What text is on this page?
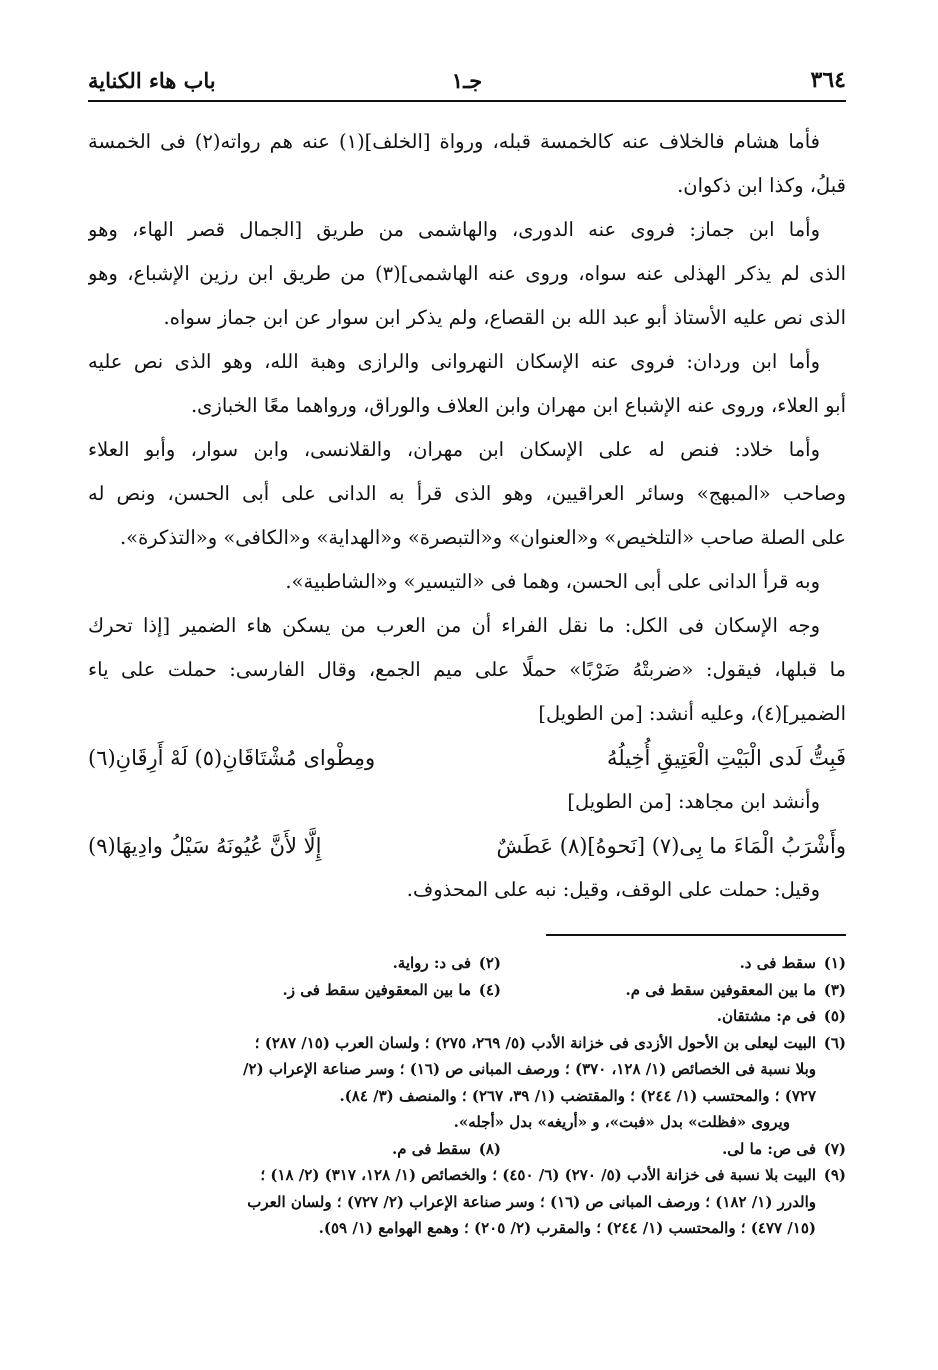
٣٦٤
جـ١
باب هاء الكناية
فأما هشام فالخلاف عنه كالخمسة قبله، ورواة [الخلف](١) عنه هم رواته(٢) فى الخمسة
قبلُ، وكذا ابن ذكوان.
وأما ابن جماز: فروى عنه الدورى، والهاشمى من طريق [الجمال قصر الهاء، وهو
الذى لم يذكر الهذلى عنه سواه، وروى عنه الهاشمى](٣) من طريق ابن رزين الإشباع، وهو
الذى نص عليه الأستاذ أبو عبد الله بن القصاع، ولم يذكر ابن سوار عن ابن جماز سواه.
وأما ابن وردان: فروى عنه الإسكان النهروانى والرازى وهبة الله، وهو الذى نص عليه
أبو العلاء، وروى عنه الإشباع ابن مهران وابن العلاف والوراق، ورواهما معًا الخبازى.
وأما خلاد: فنص له على الإسكان ابن مهران، والقلانسى، وابن سوار، وأبو العلاء
وصاحب «المبهج» وسائر العراقيين، وهو الذى قرأ به الدانى على أبى الحسن، ونص له
على الصلة صاحب «التلخيص» و«العنوان» و«التبصرة» و«الهداية» و«الكافى» و«التذكرة».
وبه قرأ الدانى على أبى الحسن، وهما فى «التيسير» و«الشاطبية».
وجه الإسكان فى الكل: ما نقل الفراء أن من العرب من يسكن هاء الضمير [إذا تحرك
ما قبلها، فيقول: «ضربتْهُ ضَرْبًا» حملًا على ميم الجمع، وقال الفارسى: حملت على ياء
الضمير](٤)، وعليه أنشد: [من الطويل]
فَبِتُّ لَدى الْبَيْتِ الْعَتِيقِ أُخِيلُهُ
ومِطْواى مُشْتَاقَانِ(٥) لَهْ أَرِقَانِ(٦)
وأنشد ابن مجاهد: [من الطويل]
وأَشْرَبُ الْمَاءَ ما بِى(٧) [نَحوهُ](٨) عَطَشٌ
إِلَّا لأَنَّ عُيُونَهُ سَيْلُ وادِيهَا(٩)
وقيل: حملت على الوقف، وقيل: نبه على المحذوف.
(١)
سقط فى د.
(٢)
فى د: رواية.
(٣)
ما بين المعقوفين سقط فى م.
(٤)
ما بين المعقوفين سقط فى ز.
(٥)
فى م: مشتقان.
(٦)
البيت ليعلى بن الأحول الأزدى فى خزانة الأدب (٥/ ٢٦٩، ٢٧٥) ؛ ولسان العرب (١٥/ ٢٨٧) ؛
وبلا نسبة فى الخصائص (١/ ١٢٨، ٣٧٠) ؛ ورصف المبانى ص (١٦) ؛ وسر صناعة الإعراب (٢/
٧٢٧) ؛ والمحتسب (١/ ٢٤٤) ؛ والمقتضب (١/ ٣٩، ٢٦٧) ؛ والمنصف (٣/ ٨٤).
ويروى «فظلت» بدل «فبت»، و «أريغه» بدل «أجله».
(٧)
فى ص: ما لى.
(٨)
سقط فى م.
(٩)
البيت بلا نسبة فى خزانة الأدب (٥/ ٢٧٠) (٦/ ٤٥٠) ؛ والخصائص (١/ ١٢٨، ٣١٧) (٢/ ١٨) ؛
والدرر (١/ ١٨٢) ؛ ورصف المبانى ص (١٦) ؛ وسر صناعة الإعراب (٢/ ٧٢٧) ؛ ولسان العرب
(١٥/ ٤٧٧) ؛ والمحتسب (١/ ٢٤٤) ؛ والمقرب (٢/ ٢٠٥) ؛ وهمع الهوامع (١/ ٥٩).
